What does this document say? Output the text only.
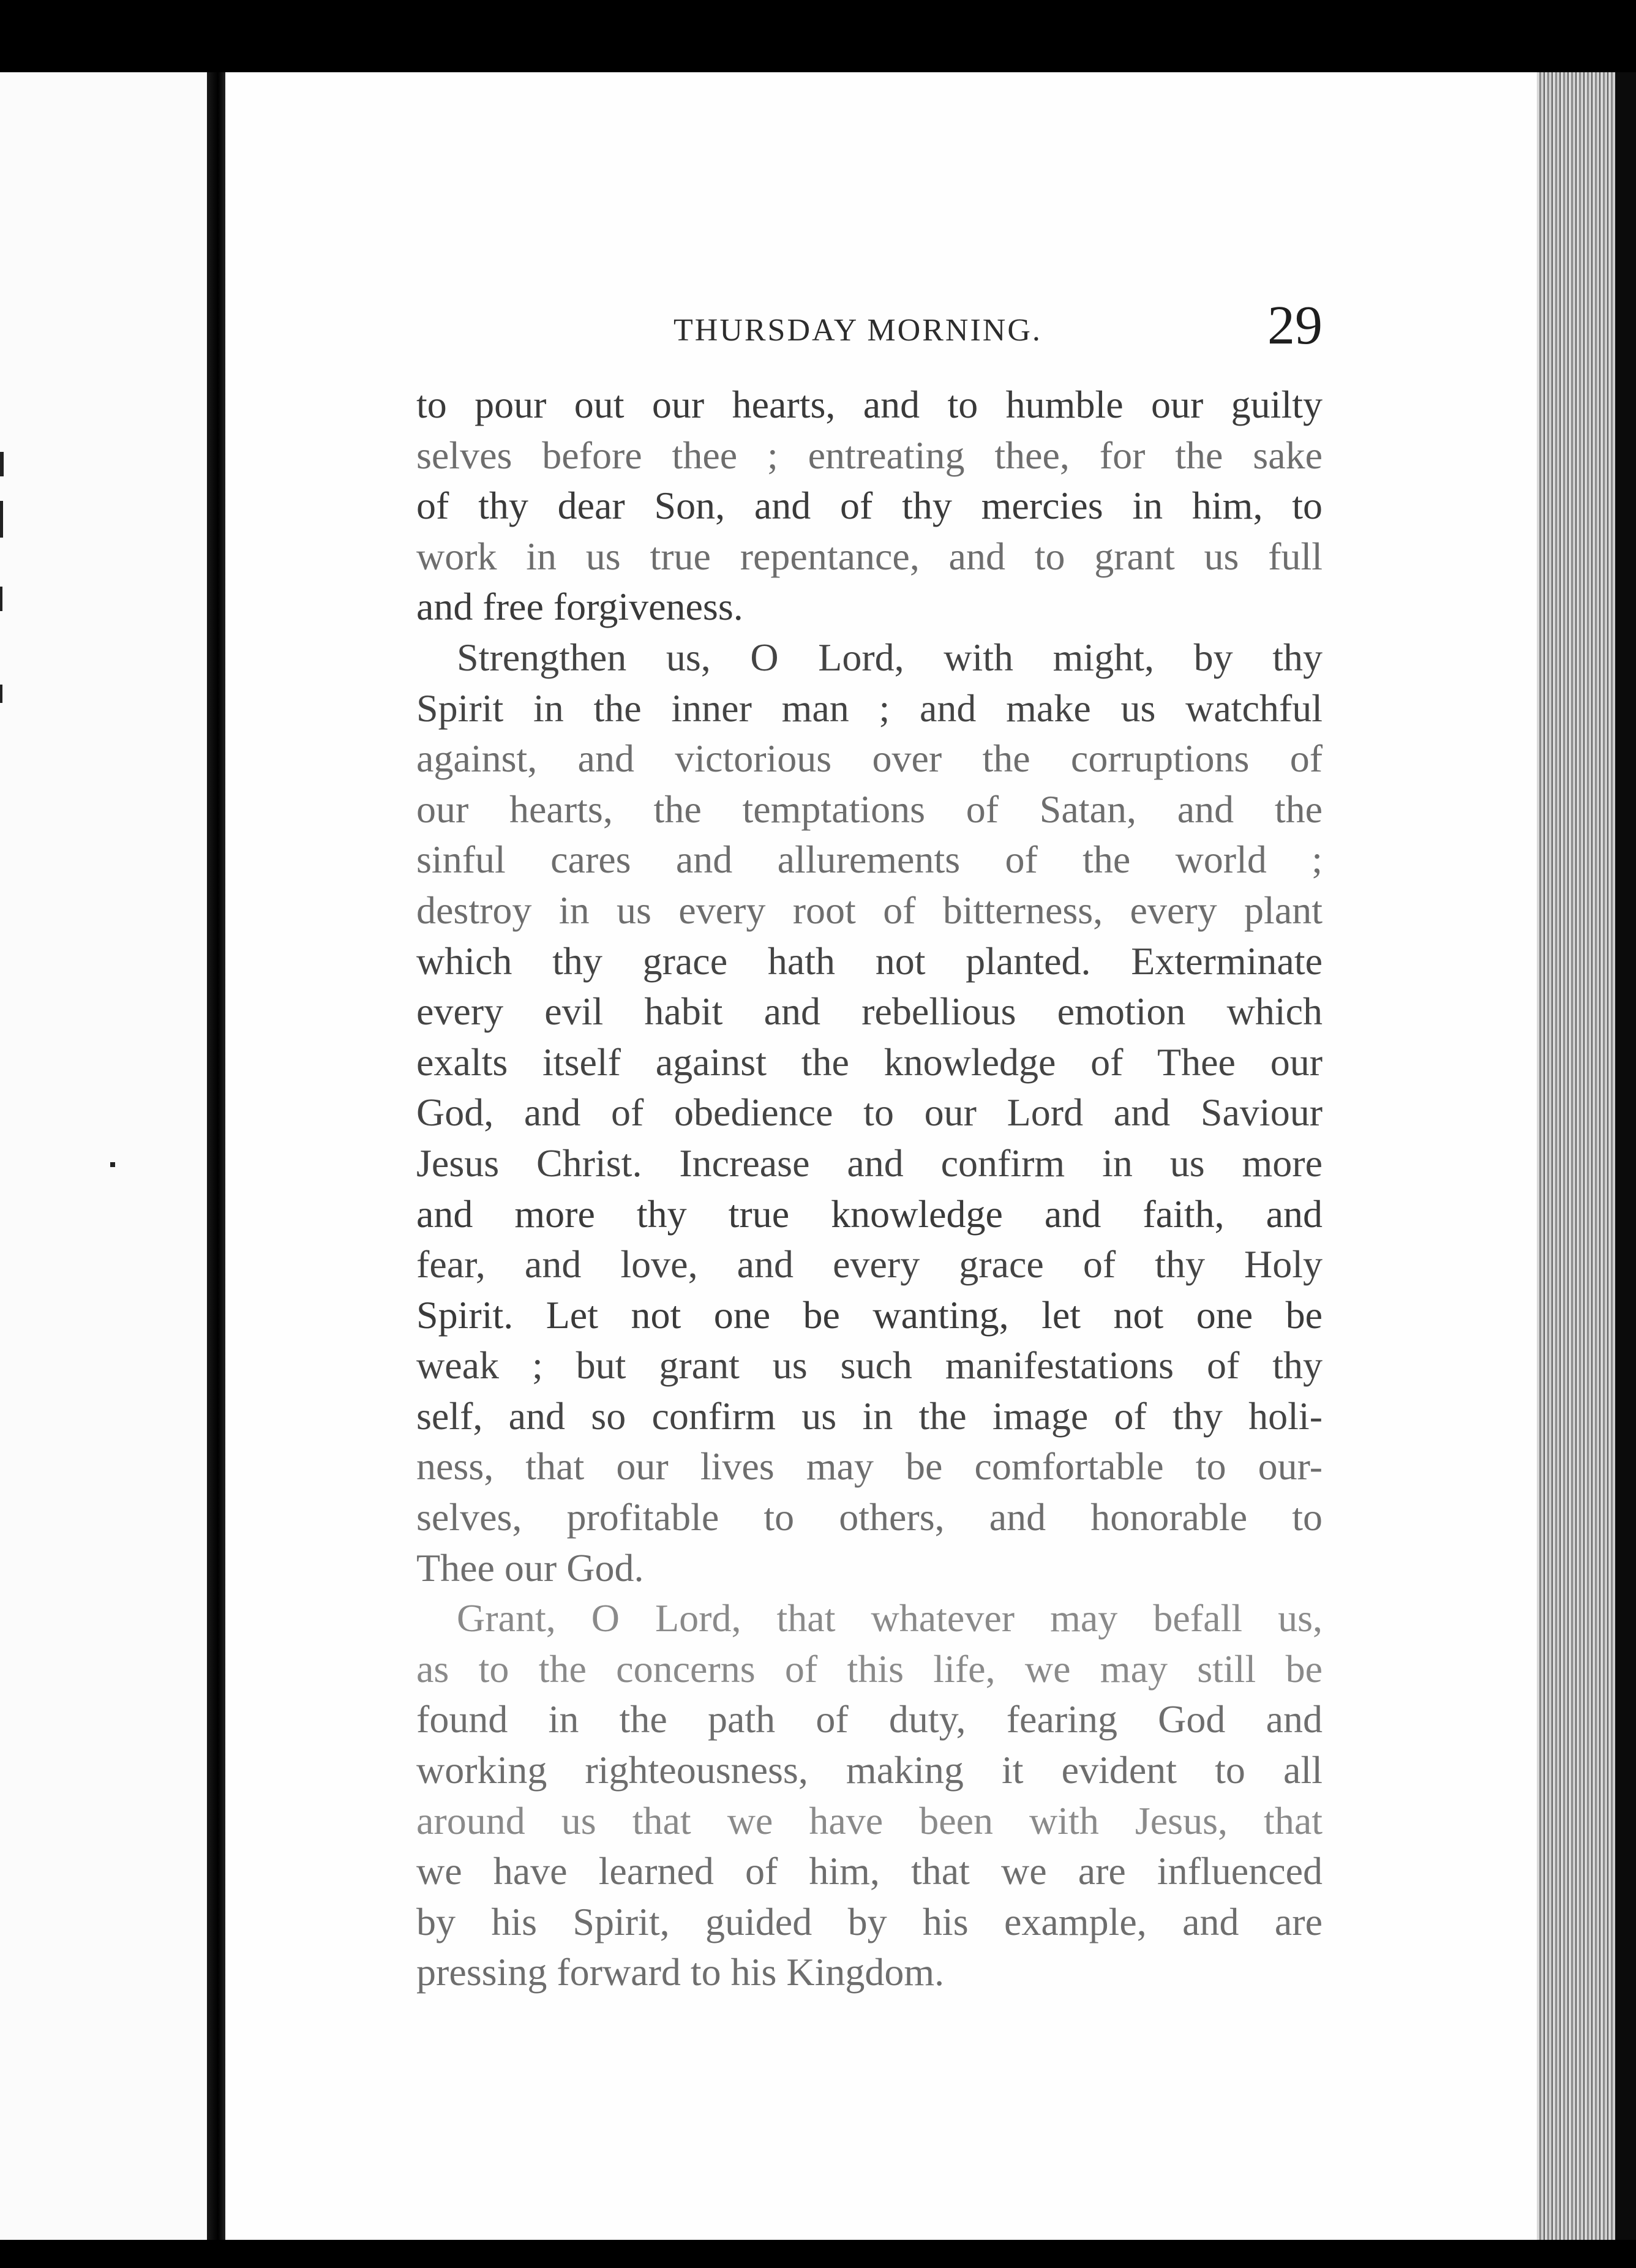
THURSDAY MORNING.	29
to pour out our hearts, and to humble our guilty
selves before thee ; entreating thee, for the sake
of thy dear Son, and of thy mercies in him, to
work in us true repentance, and to grant us full
and free forgiveness.
Strengthen us, O Lord, with might, by thy
Spirit in the inner man ; and make us watchful
against, and victorious over the corruptions of
our hearts, the temptations of Satan, and the
sinful cares and allurements of the world ;
destroy in us every root of bitterness, every plant
which thy grace hath not planted. Exterminate
every evil habit and rebellious emotion which
exalts itself against the knowledge of Thee our
God, and of obedience to our Lord and Saviour
Jesus Christ. Increase and confirm in us more
and more thy true knowledge and faith, and
fear, and love, and every grace of thy Holy
Spirit. Let not one be wanting, let not one be
weak ; but grant us such manifestations of thy
self, and so confirm us in the image of thy holi-
ness, that our lives may be comfortable to our-
selves, profitable to others, and honorable to
Thee our God.
Grant, O Lord, that whatever may befall us,
as to the concerns of this life, we may still be
found in the path of duty, fearing God and
working righteousness, making it evident to all
around us that we have been with Jesus, that
we have learned of him, that we are influenced
by his Spirit, guided by his example, and are
pressing forward to his Kingdom.
